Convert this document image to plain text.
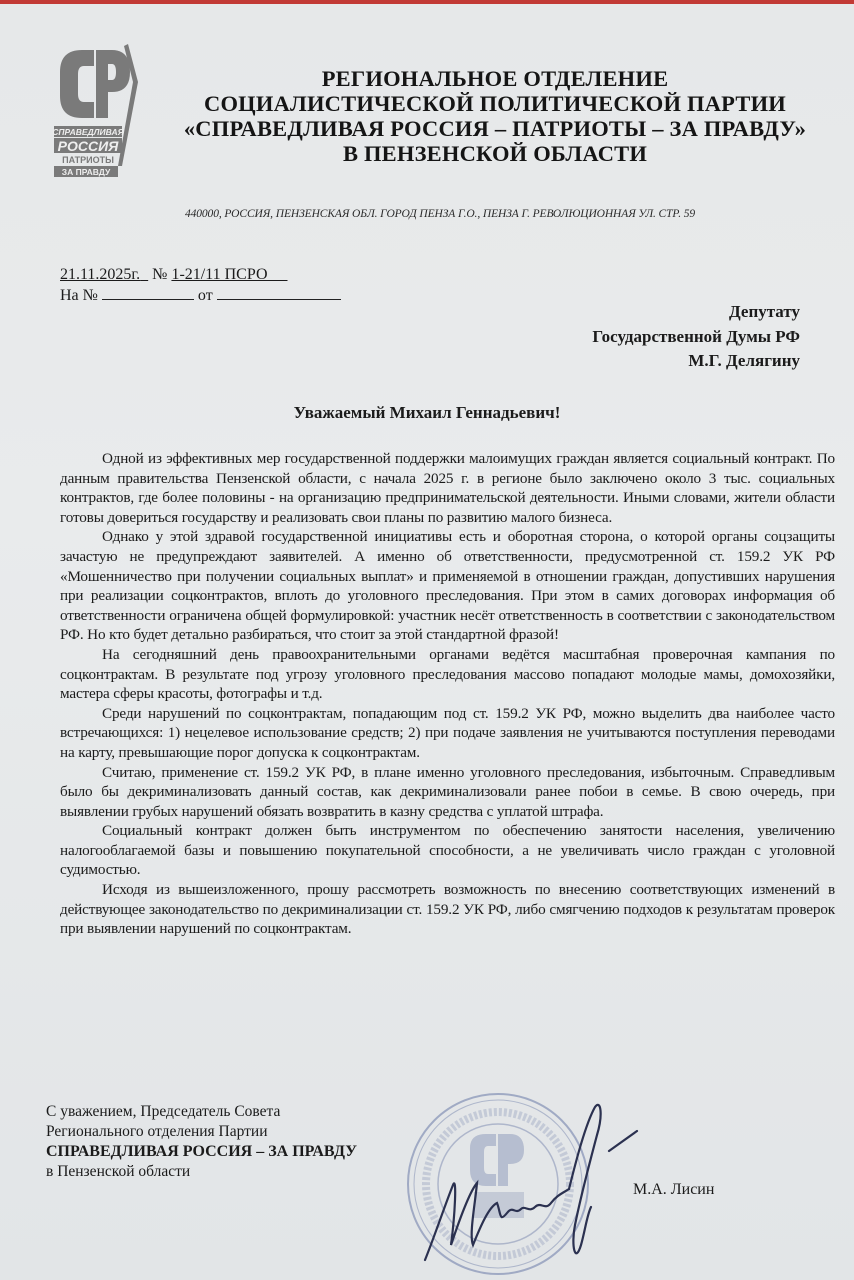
СПРАВЕДЛИВАЯ
РОССИЯ
ПАТРИОТЫ
ЗА ПРАВДУ
РЕГИОНАЛЬНОЕ ОТДЕЛЕНИЕ
СОЦИАЛИСТИЧЕСКОЙ ПОЛИТИЧЕСКОЙ ПАРТИИ
«СПРАВЕДЛИВАЯ РОССИЯ – ПАТРИОТЫ – ЗА ПРАВДУ»
В ПЕНЗЕНСКОЙ ОБЛАСТИ
440000, РОССИЯ, ПЕНЗЕНСКАЯ ОБЛ. ГОРОД ПЕНЗА Г.О., ПЕНЗА Г. РЕВОЛЮЦИОННАЯ УЛ. СТР. 59
21.11.2025г. № 1-21/11 ПСРО
На №	от
Депутату
Государственной Думы РФ
М.Г. Делягину
Уважаемый Михаил Геннадьевич!

Одной из эффективных мер государственной поддержки малоимущих граждан является социальный контракт. По данным правительства Пензенской области, с начала 2025 г. в регионе было заключено около 3 тыс. социальных контрактов, где более половины - на организацию предпринимательской деятельности. Иными словами, жители области готовы довериться государству и реализовать свои планы по развитию малого бизнеса.

Однако у этой здравой государственной инициативы есть и оборотная сторона, о которой органы соцзащиты зачастую не предупреждают заявителей. А именно об ответственности, предусмотренной ст. 159.2 УК РФ «Мошенничество при получении социальных выплат» и применяемой в отношении граждан, допустивших нарушения при реализации соцконтрактов, вплоть до уголовного преследования. При этом в самих договорах информация об ответственности ограничена общей формулировкой: участник несёт ответственность в соответствии с законодательством РФ. Но кто будет детально разбираться, что стоит за этой стандартной фразой!

На сегодняшний день правоохранительными органами ведётся масштабная проверочная кампания по соцконтрактам. В результате под угрозу уголовного преследования массово попадают молодые мамы, домохозяйки, мастера сферы красоты, фотографы и т.д.

Среди нарушений по соцконтрактам, попадающим под ст. 159.2 УК РФ, можно выделить два наиболее часто встречающихся: 1) нецелевое использование средств; 2) при подаче заявления не учитываются поступления переводами на карту, превышающие порог допуска к соцконтрактам.

Считаю, применение ст. 159.2 УК РФ, в плане именно уголовного преследования, избыточным. Справедливым было бы декриминализовать данный состав, как декриминализовали ранее побои в семье. В свою очередь, при выявлении грубых нарушений обязать возвратить в казну средства с уплатой штрафа.

Социальный контракт должен быть инструментом по обеспечению занятости населения, увеличению налогооблагаемой базы и повышению покупательной способности, а не увеличивать число граждан с уголовной судимостью.

Исходя из вышеизложенного, прошу рассмотреть возможность по внесению соответствующих изменений в действующее законодательство по декриминализации ст. 159.2 УК РФ, либо смягчению подходов к результатам проверок при выявлении нарушений по соцконтрактам.

С уважением, Председатель Совета
Регионального отделения Партии
СПРАВЕДЛИВАЯ РОССИЯ – ЗА ПРАВДУ
в Пензенской области
М.А. Лисин
